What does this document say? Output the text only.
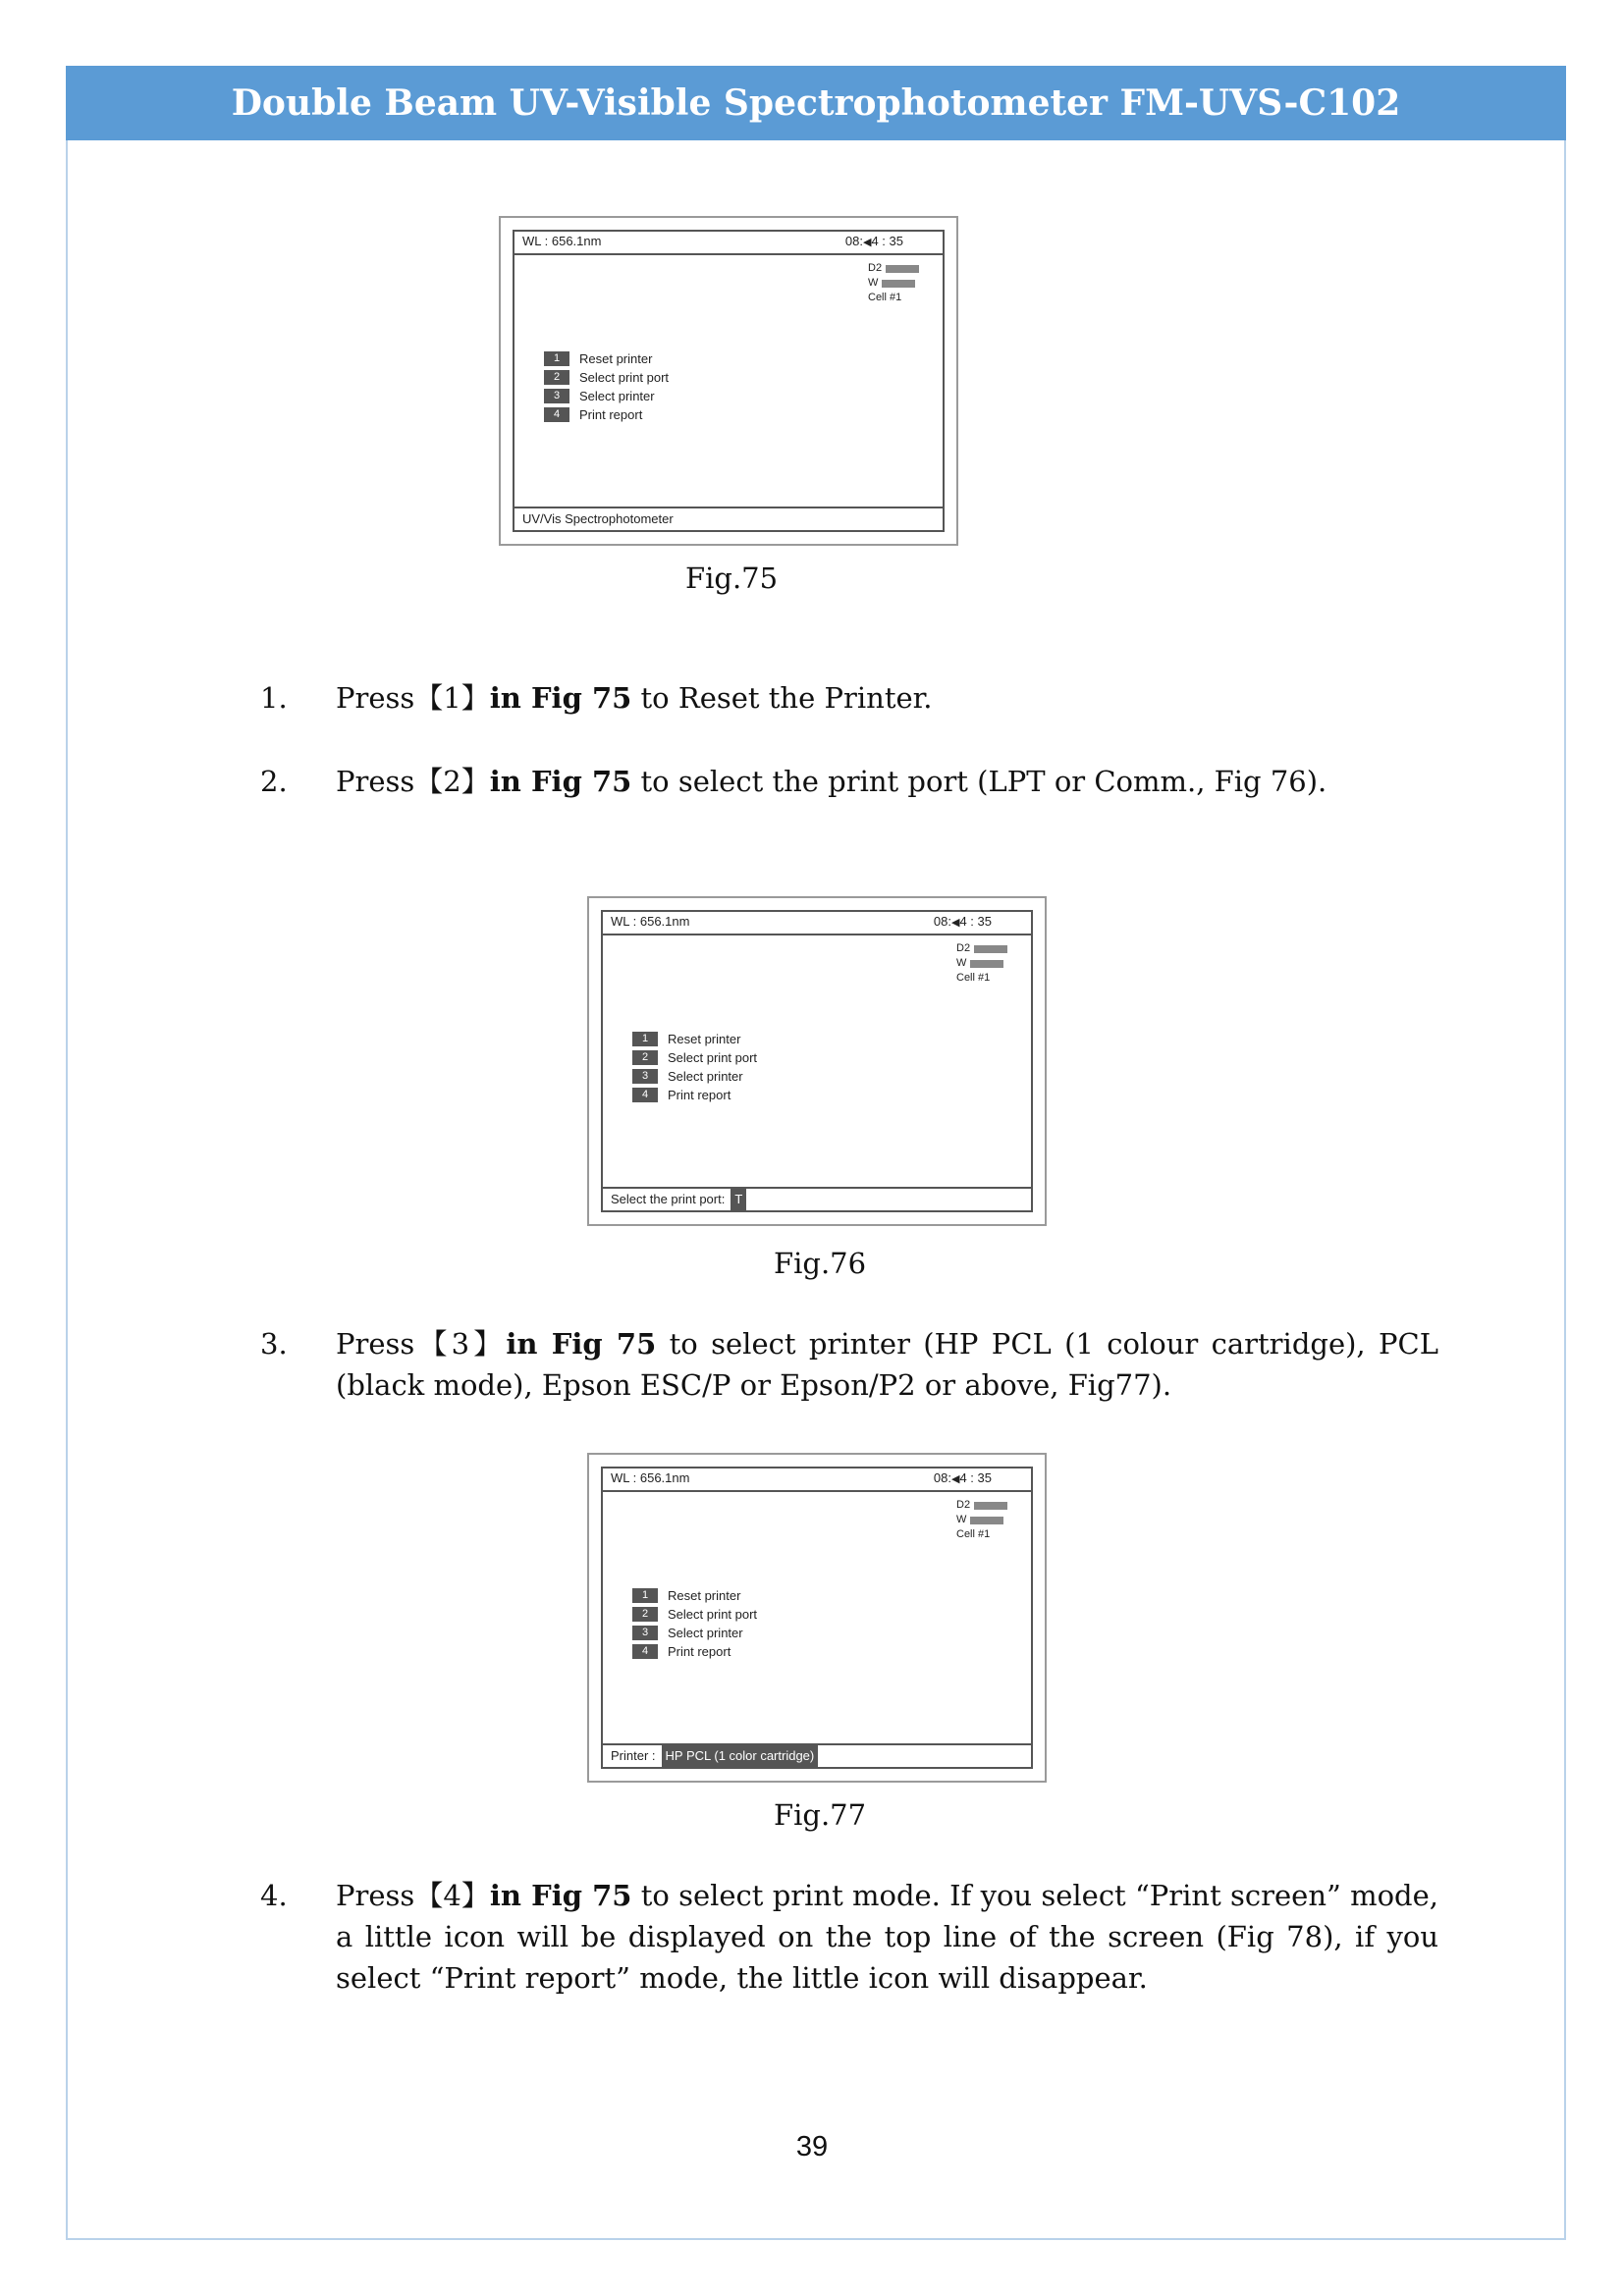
Double Beam UV-Visible Spectrophotometer FM-UVS-C102
WL : 656.1nm	08:◀4 : 35
D2
W
Cell #1
1	Reset printer
2	Select print port
3	Select printer
4	Print report
UV/Vis Spectrophotometer
Fig.75
1. Press【1】in Fig 75 to Reset the Printer.
2. Press【2】in Fig 75 to select the print port (LPT or Comm., Fig 76).
WL : 656.1nm	08:◀4 : 35
D2
W
Cell #1
1	Reset printer
2	Select print port
3	Select printer
4	Print report
Select the print port: T
Fig.76
3. Press【3】in Fig 75 to select printer (HP PCL (1 colour cartridge), PCL (black mode), Epson ESC/P or Epson/P2 or above, Fig77).
WL : 656.1nm	08:◀4 : 35
D2
W
Cell #1
1	Reset printer
2	Select print port
3	Select printer
4	Print report
Printer : HP PCL (1 color cartridge)
Fig.77
4. Press【4】in Fig 75 to select print mode. If you select “Print screen” mode, a little icon will be displayed on the top line of the screen (Fig 78), if you select “Print report” mode, the little icon will disappear.
39
